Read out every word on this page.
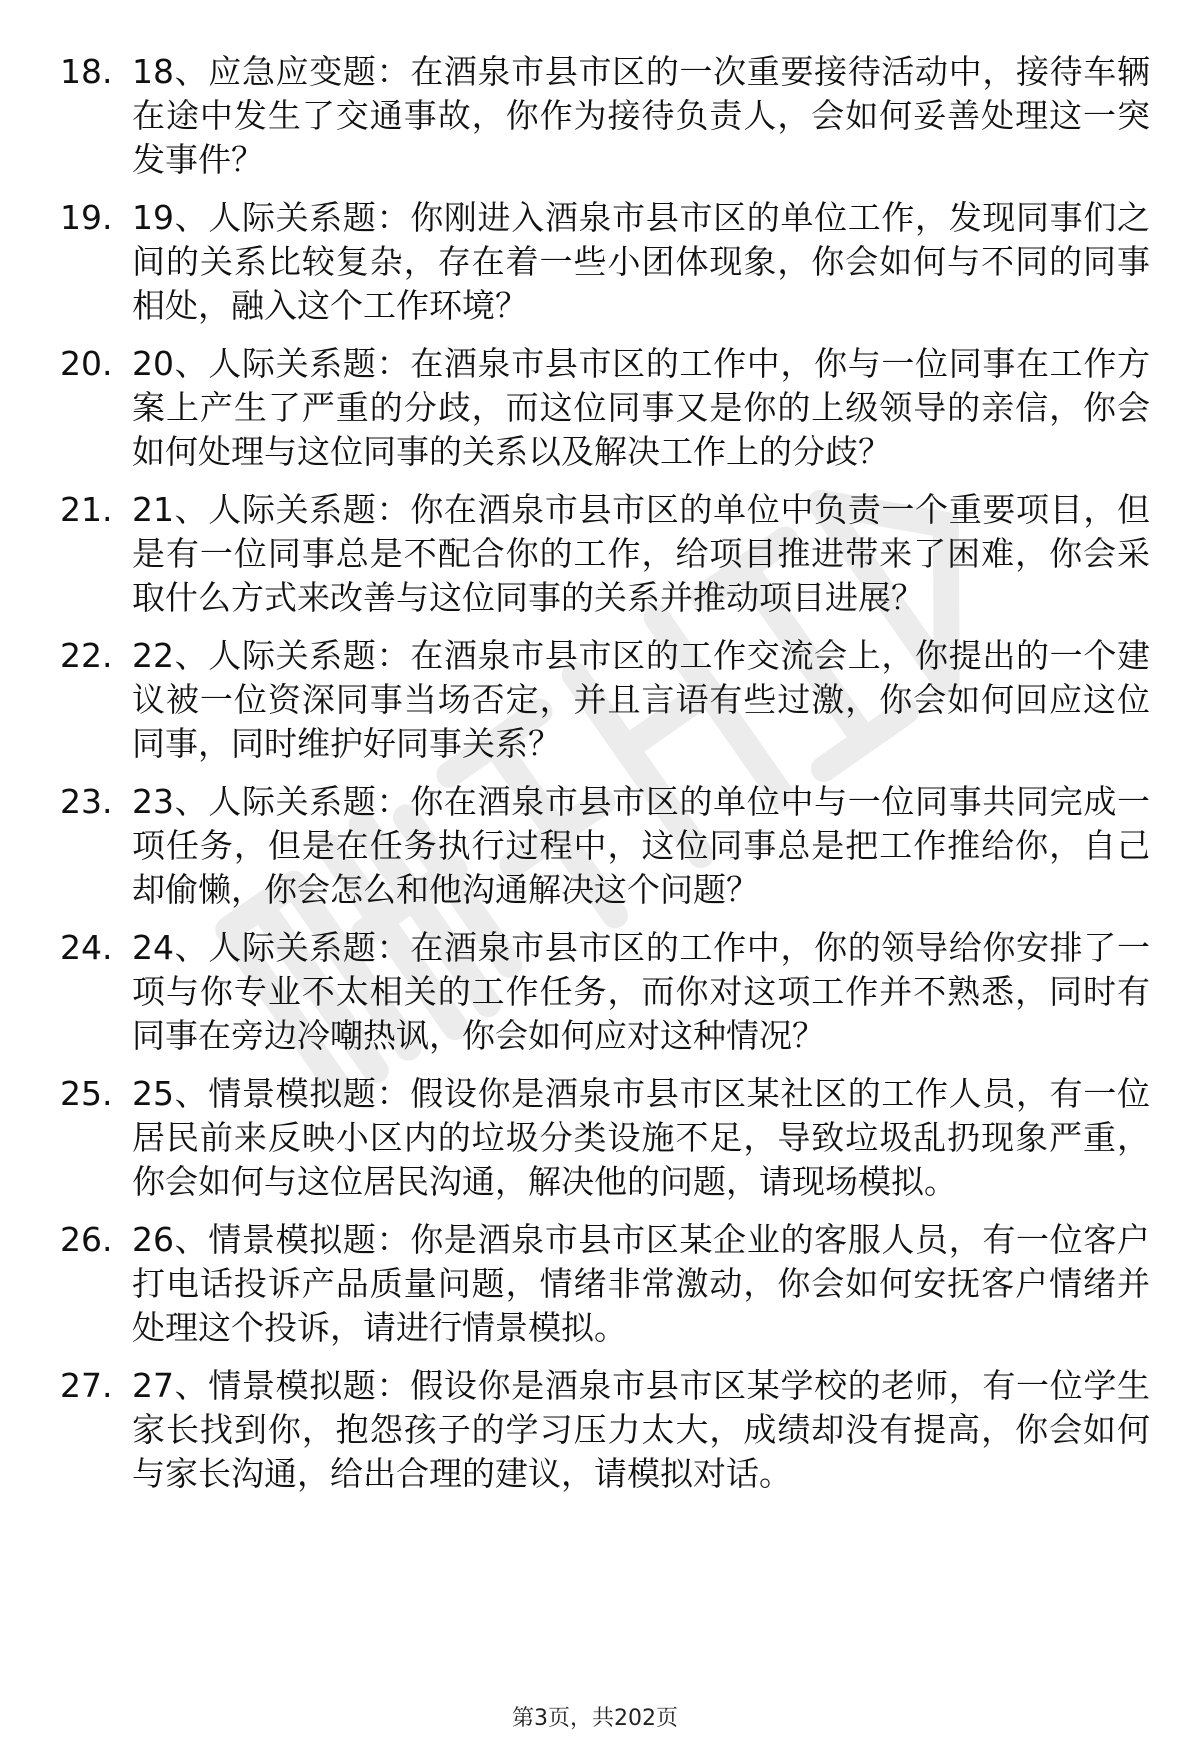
18. 18、应急应变题：在酒泉市县市区的一次重要接待活动中，接待车辆在途中发生了交通事故，你作为接待负责人，会如何妥善处理这一突发事件？
19. 19、人际关系题：你刚进入酒泉市县市区的单位工作，发现同事们之间的关系比较复杂，存在着一些小团体现象，你会如何与不同的同事相处，融入这个工作环境？
20. 20、人际关系题：在酒泉市县市区的工作中，你与一位同事在工作方案上产生了严重的分歧，而这位同事又是你的上级领导的亲信，你会如何处理与这位同事的关系以及解决工作上的分歧？
21. 21、人际关系题：你在酒泉市县市区的单位中负责一个重要项目，但是有一位同事总是不配合你的工作，给项目推进带来了困难，你会采取什么方式来改善与这位同事的关系并推动项目进展？
22. 22、人际关系题：在酒泉市县市区的工作交流会上，你提出的一个建议被一位资深同事当场否定，并且言语有些过激，你会如何回应这位同事，同时维护好同事关系？
23. 23、人际关系题：你在酒泉市县市区的单位中与一位同事共同完成一项任务，但是在任务执行过程中，这位同事总是把工作推给你，自己却偷懒，你会怎么和他沟通解决这个问题？
24. 24、人际关系题：在酒泉市县市区的工作中，你的领导给你安排了一项与你专业不太相关的工作任务，而你对这项工作并不熟悉，同时有同事在旁边冷嘲热讽，你会如何应对这种情况？
25. 25、情景模拟题：假设你是酒泉市县市区某社区的工作人员，有一位居民前来反映小区内的垃圾分类设施不足，导致垃圾乱扔现象严重，你会如何与这位居民沟通，解决他的问题，请现场模拟。
26. 26、情景模拟题：你是酒泉市县市区某企业的客服人员，有一位客户打电话投诉产品质量问题，情绪非常激动，你会如何安抚客户情绪并处理这个投诉，请进行情景模拟。
27. 27、情景模拟题：假设你是酒泉市县市区某学校的老师，有一位学生家长找到你，抱怨孩子的学习压力太大，成绩却没有提高，你会如何与家长沟通，给出合理的建议，请模拟对话。
第3页，共202页
